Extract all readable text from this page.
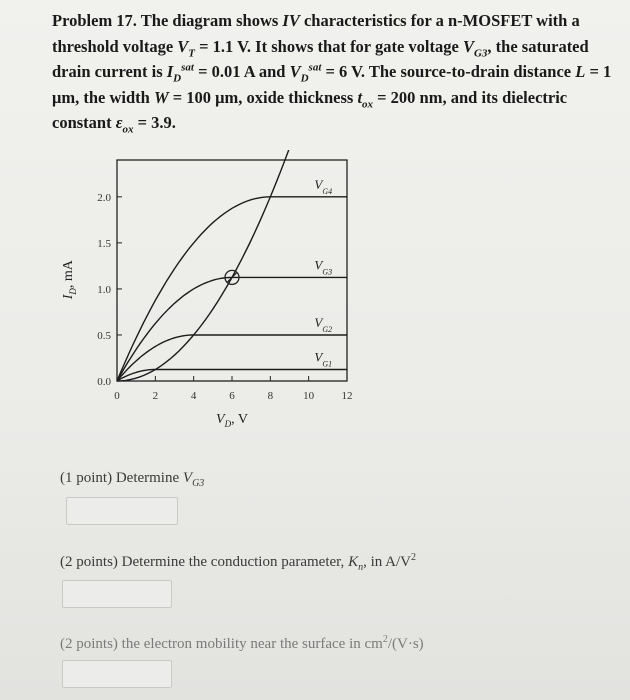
Problem 17. The diagram shows IV characteristics for a n-MOSFET with a threshold voltage $V_T = 1.1$ V. It shows that for gate voltage $V_{G3}$, the saturated drain current is $I_D^{sat} = 0.01$ A and $V_D^{sat} = 6$ V. The source-to-drain distance L = 1 μm, the width W = 100 μm, oxide thickness $t_{ox} = 200$ nm, and its dielectric constant $\varepsilon_{ox} = 3.9$.
0	2	4	6	8	10 12
0.0
0.5
1.0
1.5
2.0
$V_D$, V
$I_D$, mA
$V_{G1}$
$V_{G2}$
$V_{G3}$
$V_{G4}$
(1 point) Determine $V_{G3}$
(2 points) Determine the conduction parameter, $K_n$, in $A/V^2$
(2 points) the electron mobility near the surface in $cm^2/(V\cdot s)$
